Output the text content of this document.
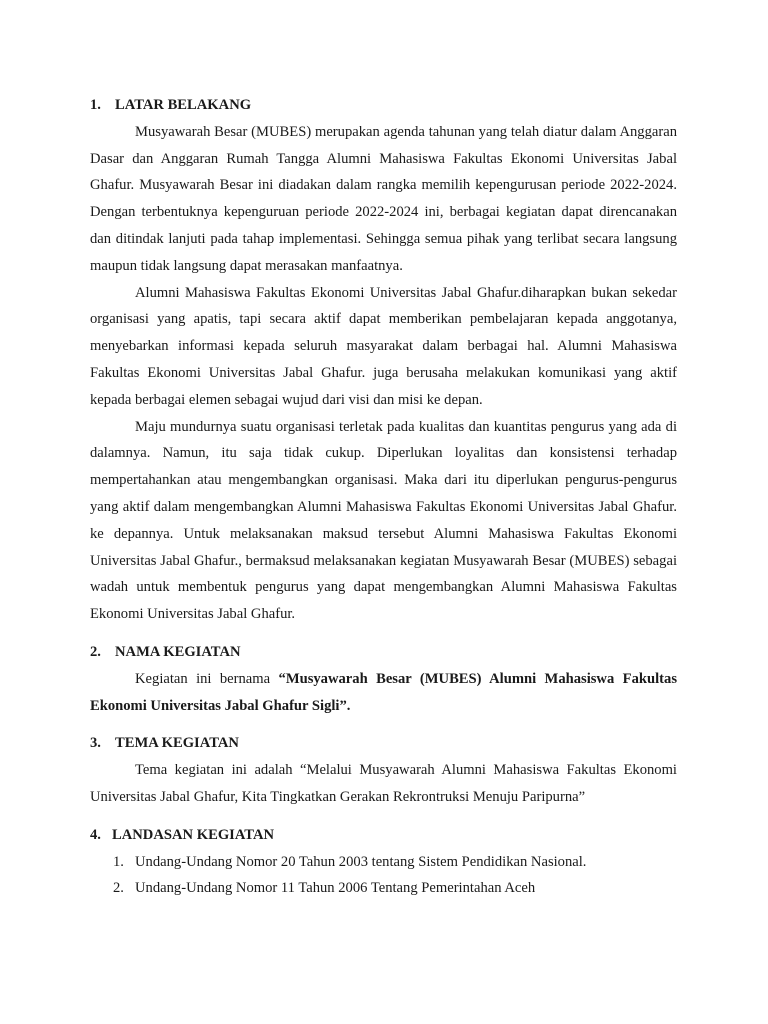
1. LATAR BELAKANG

Musyawarah Besar (MUBES) merupakan agenda tahunan yang telah diatur dalam Anggaran Dasar dan Anggaran Rumah Tangga Alumni Mahasiswa Fakultas Ekonomi Universitas Jabal Ghafur. Musyawarah Besar ini diadakan dalam rangka memilih kepengurusan periode 2022-2024. Dengan terbentuknya kepenguruan periode 2022-2024 ini, berbagai kegiatan dapat direncanakan dan ditindak lanjuti pada tahap implementasi. Sehingga semua pihak yang terlibat secara langsung maupun tidak langsung dapat merasakan manfaatnya.

Alumni Mahasiswa Fakultas Ekonomi Universitas Jabal Ghafur.diharapkan bukan sekedar organisasi yang apatis, tapi secara aktif dapat memberikan pembelajaran kepada anggotanya, menyebarkan informasi kepada seluruh masyarakat dalam berbagai hal. Alumni Mahasiswa Fakultas Ekonomi Universitas Jabal Ghafur. juga berusaha melakukan komunikasi yang aktif kepada berbagai elemen sebagai wujud dari visi dan misi ke depan.

Maju mundurnya suatu organisasi terletak pada kualitas dan kuantitas pengurus yang ada di dalamnya. Namun, itu saja tidak cukup. Diperlukan loyalitas dan konsistensi terhadap mempertahankan atau mengembangkan organisasi. Maka dari itu diperlukan pengurus-pengurus yang aktif dalam mengembangkan Alumni Mahasiswa Fakultas Ekonomi Universitas Jabal Ghafur. ke depannya. Untuk melaksanakan maksud tersebut Alumni Mahasiswa Fakultas Ekonomi Universitas Jabal Ghafur., bermaksud melaksanakan kegiatan Musyawarah Besar (MUBES) sebagai wadah untuk membentuk pengurus yang dapat mengembangkan Alumni Mahasiswa Fakultas Ekonomi Universitas Jabal Ghafur.

2. NAMA KEGIATAN

Kegiatan ini bernama “Musyawarah Besar (MUBES) Alumni Mahasiswa Fakultas Ekonomi Universitas Jabal Ghafur Sigli”.

3. TEMA KEGIATAN

Tema kegiatan ini adalah “Melalui Musyawarah Alumni Mahasiswa Fakultas Ekonomi Universitas Jabal Ghafur, Kita Tingkatkan Gerakan Rekrontruksi Menuju Paripurna”

4. LANDASAN KEGIATAN
1. Undang-Undang Nomor 20 Tahun 2003 tentang Sistem Pendidikan Nasional.
2. Undang-Undang Nomor 11 Tahun 2006 Tentang Pemerintahan Aceh
